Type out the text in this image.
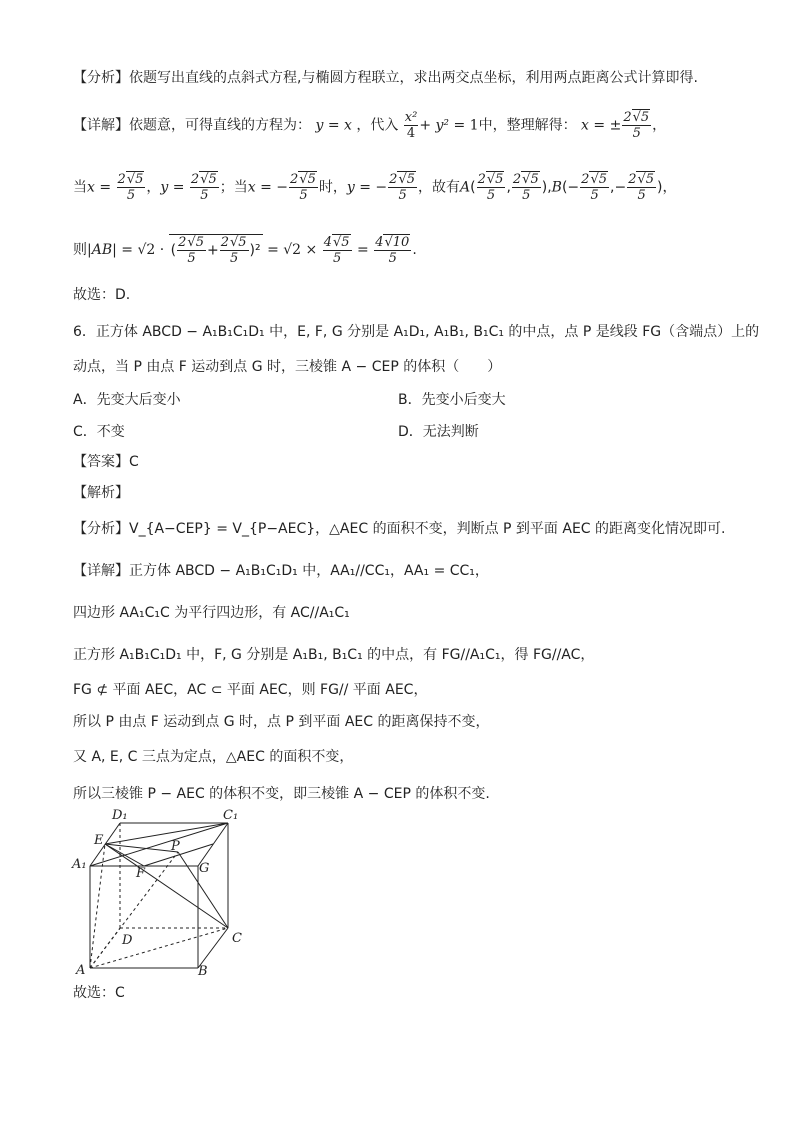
【分析】依题写出直线的点斜式方程,与椭圆方程联立，求出两交点坐标，利用两点距离公式计算即得.
【详解】依题意，可得直线的方程为： y = x ，代入 $\frac{\text{x²}}{4} + y^2 = 1$中，整理解得： x = ± $\frac{2√5}{5}$ ，
当$x = \frac{2√5}{5}$ ，$y = \frac{2√5}{5}$ ；当x = − $\frac{2√5}{5}$ 时，y = − $\frac{2√5}{5}$ ，故有$A( \frac{2√5}{5}$ , $\frac{2√5}{5} ),B(- \frac{2√5}{5}$ ,− $\frac{2√5}{5}$ )，
则|AB| = √2 · ( $\frac{2√5}{5} + \frac{2√5}{5} )^2 = √2 \times \frac{4√5}{5} = \frac{4√10}{5}$ .
故选：D.
6．正方体 ABCD − A₁B₁C₁D₁ 中，E, F, G 分别是 A₁D₁, A₁B₁, B₁C₁ 的中点，点 P 是线段 FG（含端点）上的
动点，当 P 由点 F 运动到点 G 时，三棱锥 A − CEP 的体积（　　）
A．先变大后变小	B．先变小后变大
C．不变	D．无法判断
【答案】C
【解析】
【分析】V_{A−CEP} = V_{P−AEC}，△AEC 的面积不变，判断点 P 到平面 AEC 的距离变化情况即可.
【详解】正方体 ABCD − A₁B₁C₁D₁ 中，AA₁//CC₁，AA₁ = CC₁，
四边形 AA₁C₁C 为平行四边形，有 AC//A₁C₁
正方形 A₁B₁C₁D₁ 中，F, G 分别是 A₁B₁, B₁C₁ 的中点，有 FG//A₁C₁，得 FG//AC，
FG ⊄ 平面 AEC，AC ⊂ 平面 AEC，则 FG// 平面 AEC，
所以 P 由点 F 运动到点 G 时，点 P 到平面 AEC 的距离保持不变，
又 A, E, C 三点为定点，△AEC 的面积不变，
所以三棱锥 P − AEC 的体积不变，即三棱锥 A − CEP 的体积不变.
D₁	C₁
E	P
G
A₁
F
D	C
A	B
故选：C
